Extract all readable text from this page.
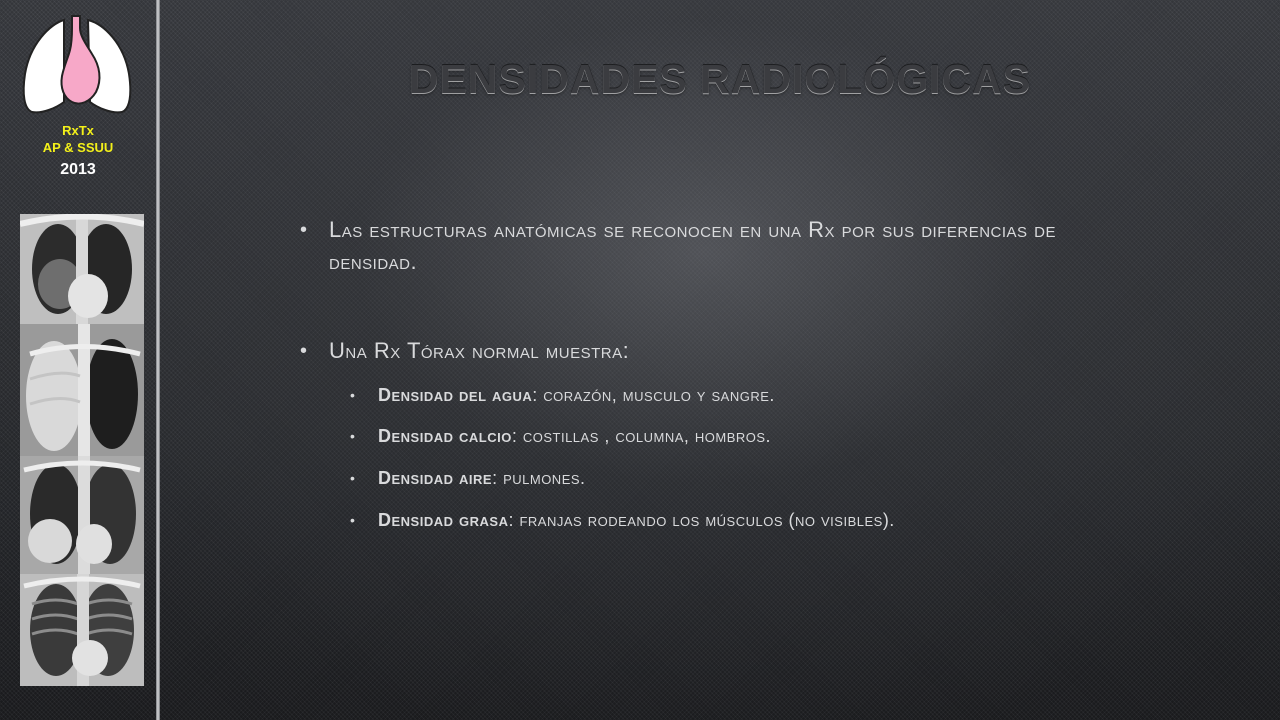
RxTx
AP & SSUU
2013
DENSIDADES RADIOLÓGICAS
• Las estructuras anatómicas se reconocen en una Rx por sus diferencias de densidad.
• Una Rx Tórax normal muestra:
• Densidad del agua: corazón, musculo y sangre.
• Densidad calcio: costillas , columna, hombros.
• Densidad aire: pulmones.
• Densidad grasa: franjas rodeando los músculos (no visibles).
